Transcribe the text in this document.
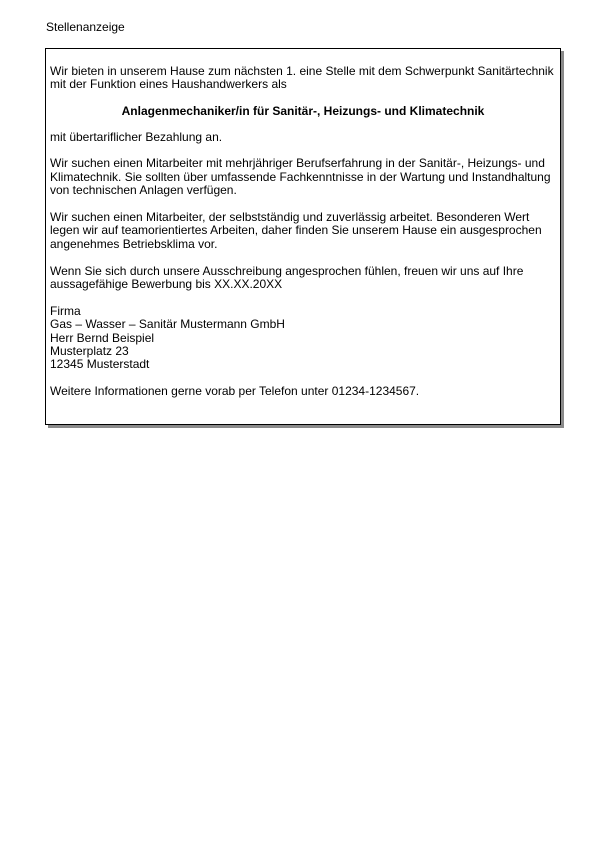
Stellenanzeige

Wir bieten in unserem Hause zum nächsten 1. eine Stelle mit dem Schwerpunkt Sanitärtechnik
mit der Funktion eines Haushandwerkers als

Anlagenmechaniker/in für Sanitär-, Heizungs- und Klimatechnik

mit übertariflicher Bezahlung an.

Wir suchen einen Mitarbeiter mit mehrjähriger Berufserfahrung in der Sanitär-, Heizungs- und
Klimatechnik. Sie sollten über umfassende Fachkenntnisse in der Wartung und Instandhaltung
von technischen Anlagen verfügen.

Wir suchen einen Mitarbeiter, der selbstständig und zuverlässig arbeitet. Besonderen Wert
legen wir auf teamorientiertes Arbeiten, daher finden Sie unserem Hause ein ausgesprochen
angenehmes Betriebsklima vor.

Wenn Sie sich durch unsere Ausschreibung angesprochen fühlen, freuen wir uns auf Ihre
aussagefähige Bewerbung bis XX.XX.20XX

Firma
Gas – Wasser – Sanitär Mustermann GmbH
Herr Bernd Beispiel
Musterplatz 23
12345 Musterstadt

Weitere Informationen gerne vorab per Telefon unter 01234-1234567.
